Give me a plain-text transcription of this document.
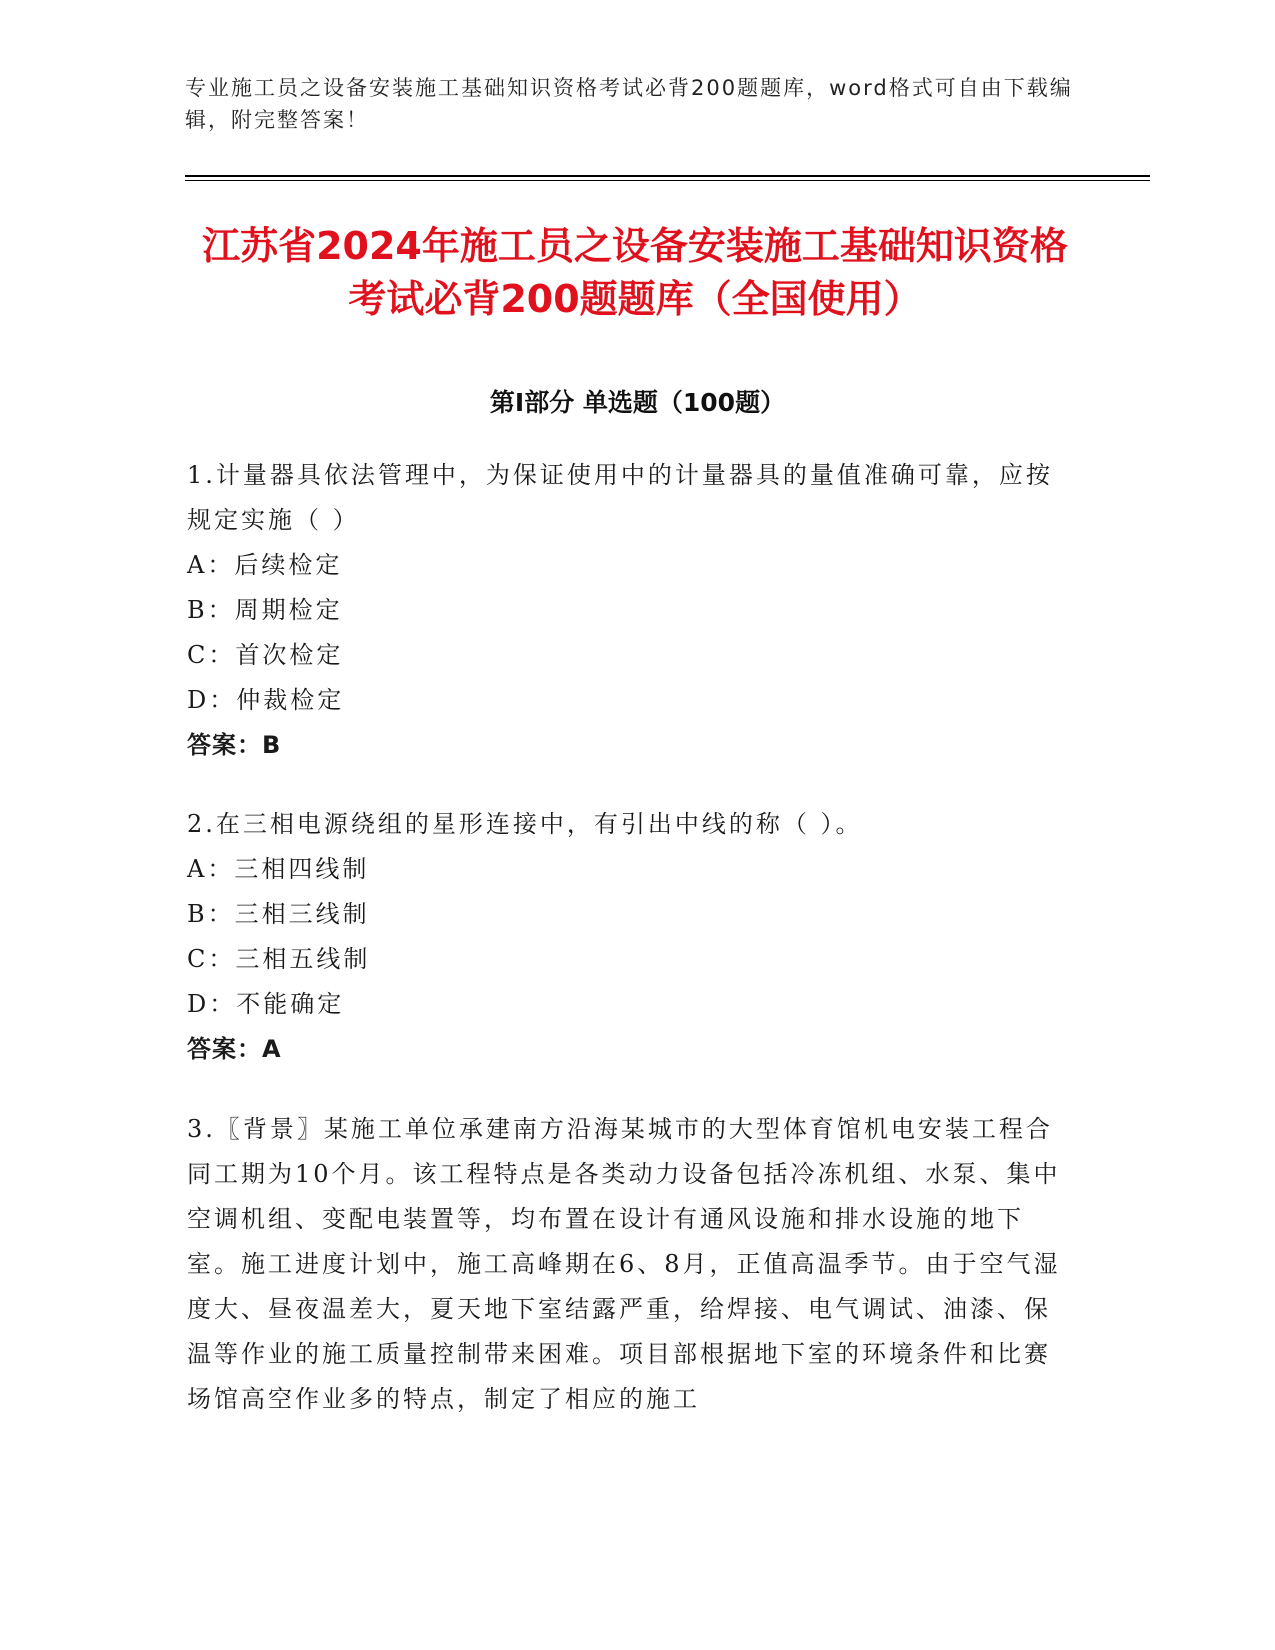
专业施工员之设备安装施工基础知识资格考试必背200题题库，word格式可自由下载编辑，附完整答案！
江苏省2024年施工员之设备安装施工基础知识资格考试必背200题题库（全国使用）
第Ⅰ部分 单选题（100题）
1.计量器具依法管理中，为保证使用中的计量器具的量值准确可靠，应按规定实施（ ）
A：后续检定
B：周期检定
C：首次检定
D：仲裁检定
答案：B
2.在三相电源绕组的星形连接中，有引出中线的称（ ）。
A：三相四线制
B：三相三线制
C：三相五线制
D：不能确定
答案：A
3.〖背景〗某施工单位承建南方沿海某城市的大型体育馆机电安装工程合同工期为10个月。该工程特点是各类动力设备包括冷冻机组、水泵、集中空调机组、变配电装置等，均布置在设计有通风设施和排水设施的地下室。施工进度计划中，施工高峰期在6、8月，正值高温季节。由于空气湿度大、昼夜温差大，夏天地下室结露严重，给焊接、电气调试、油漆、保温等作业的施工质量控制带来困难。项目部根据地下室的环境条件和比赛场馆高空作业多的特点，制定了相应的施工
